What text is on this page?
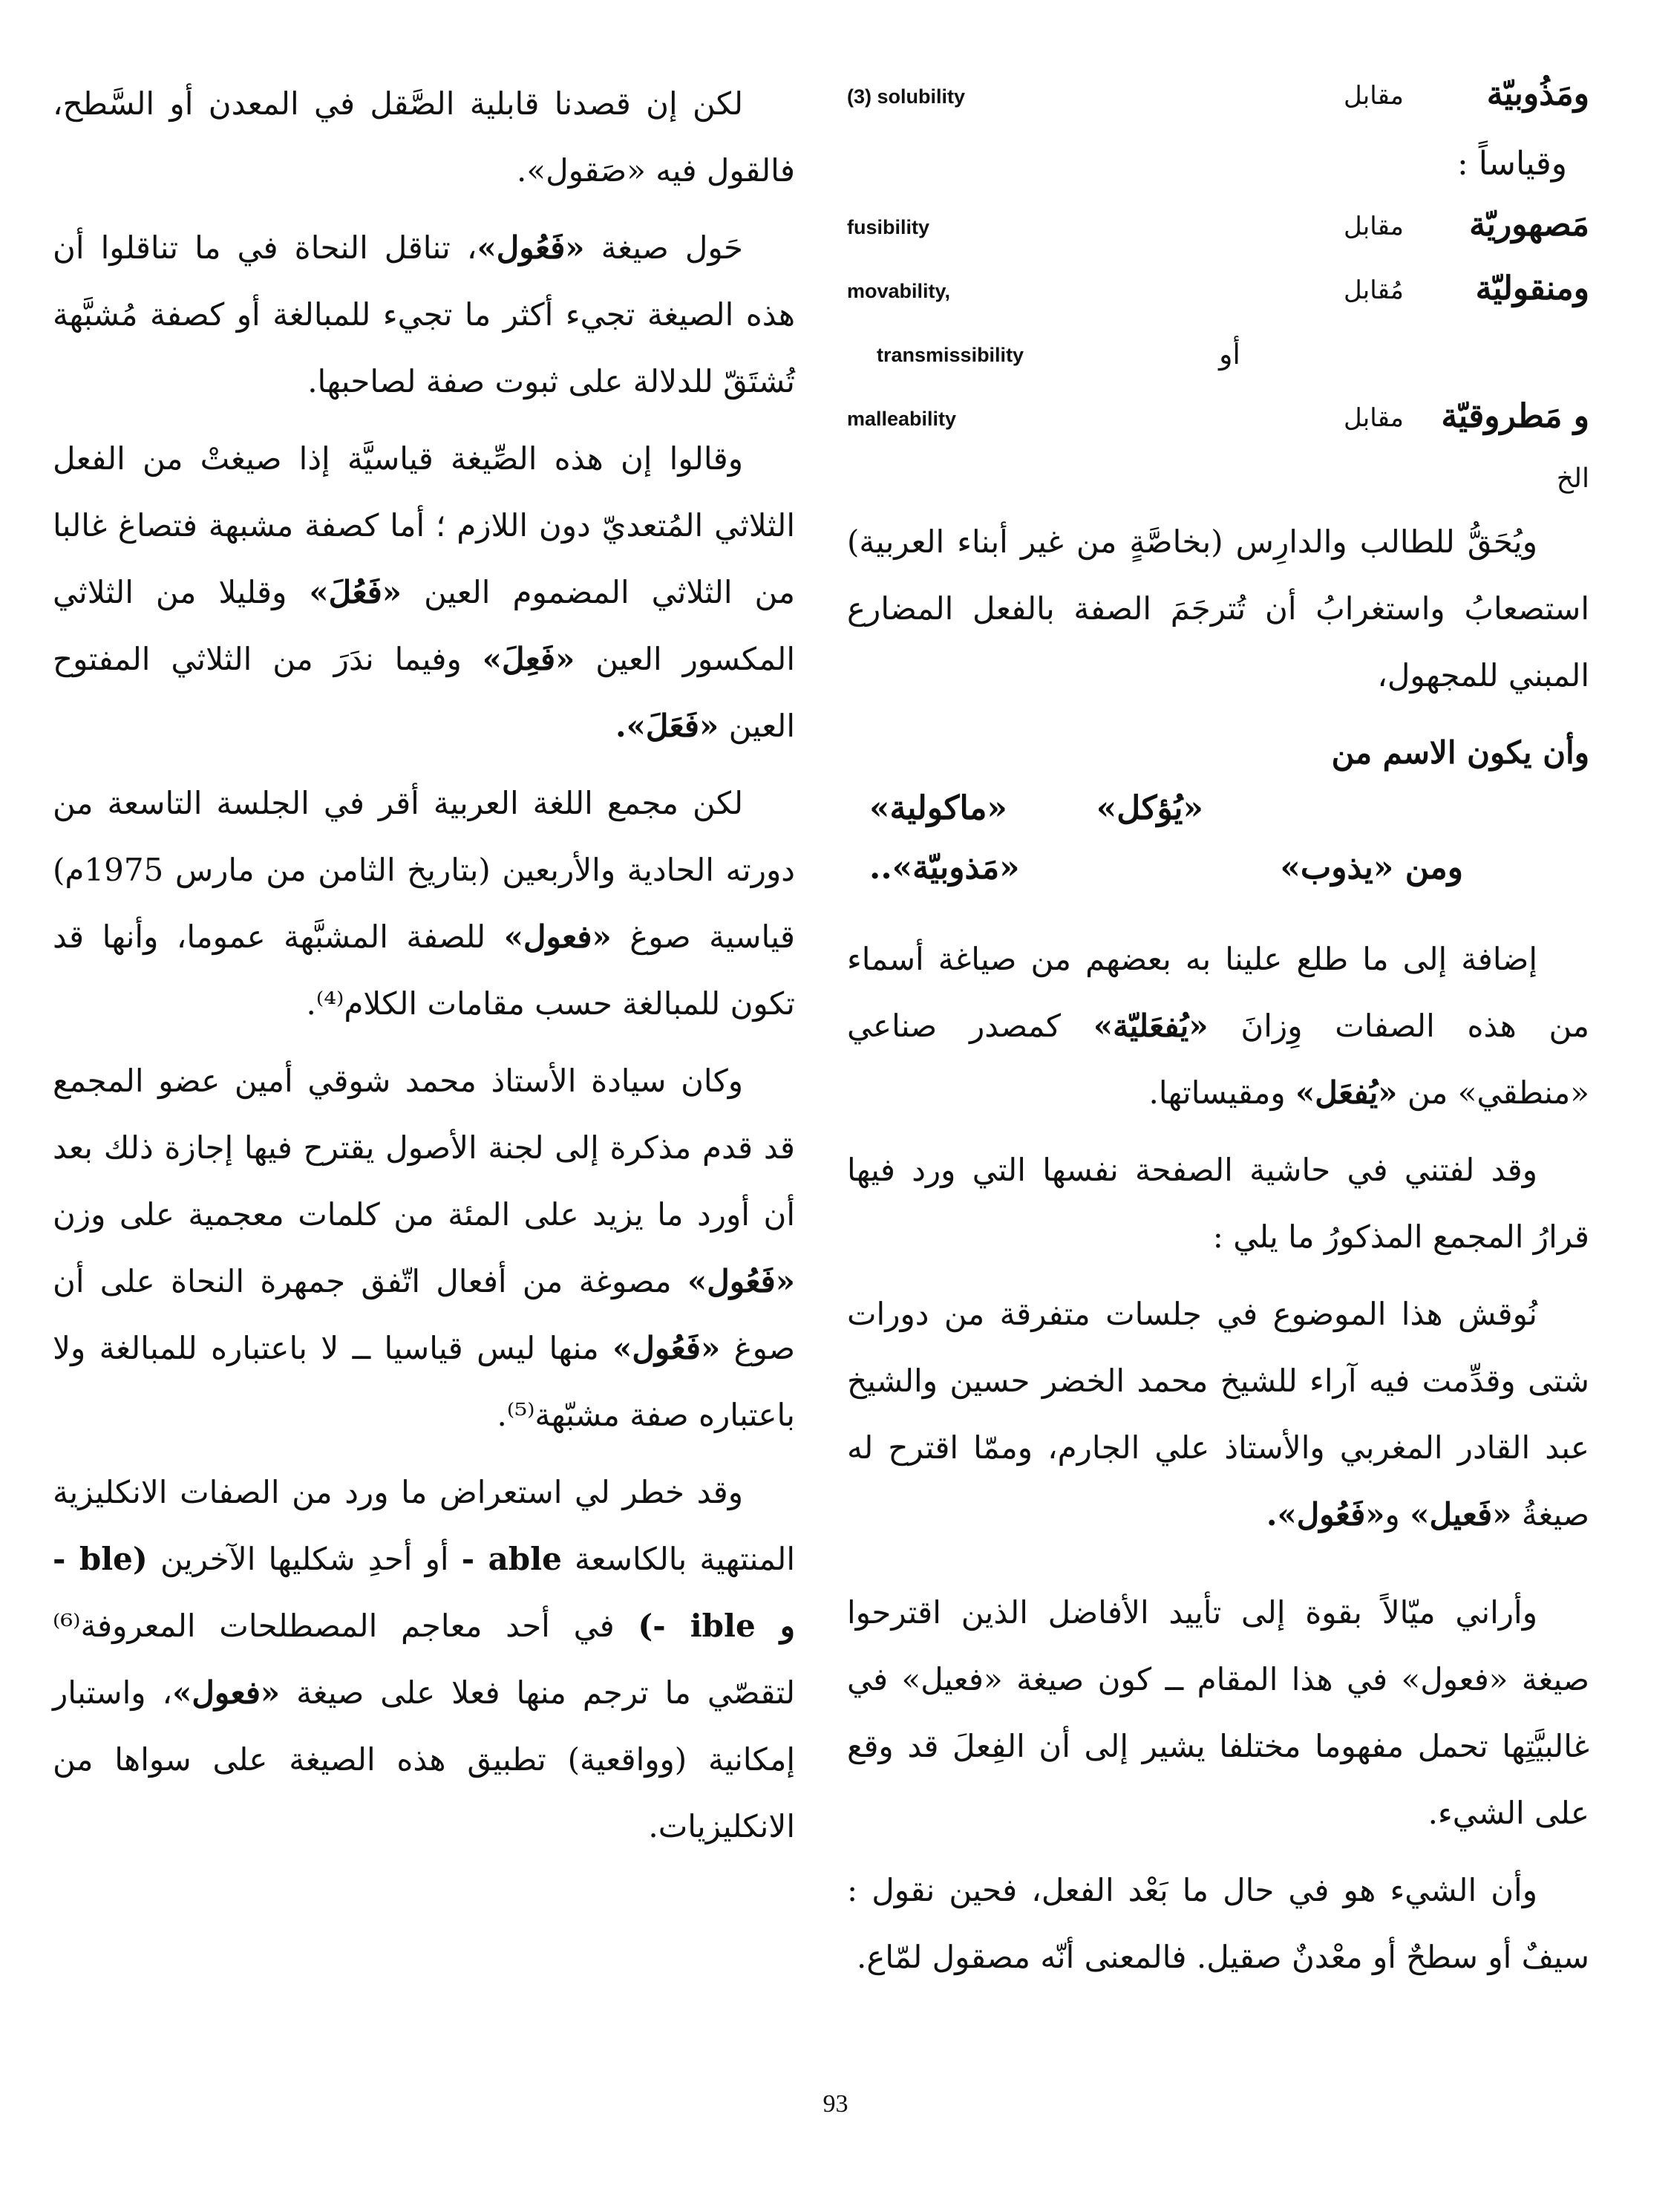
ومَذُوبيّة
مقابل
(3) solubility
وقياساً :
مَصهوريّة
مقابل
fusibility
ومنقوليّة
مُقابل
movability,
أو
transmissibility
و مَطروقيّة
مقابل
malleability
الخ

ويُحَقُّ للطالب والدارِس (بخاصَّةٍ من غير أبناء العربية) استصعابُ واستغرابُ أن تُترجَمَ الصفة بالفعل المضارع المبني للمجهول،

وأن يكون الاسم من

«ماكولية»	«يُؤكل»
ومن «يذوب»
«مَذوبيّة»..

إضافة إلى ما طلع علينا به بعضهم من صياغة أسماء من هذه الصفات وِزانَ «يُفعَليّة» كمصدر صناعي «منطقي» من «يُفعَل» ومقيساتها.

وقد لفتني في حاشية الصفحة نفسها التي ورد فيها قرارُ المجمع المذكورُ ما يلي :

نُوقش هذا الموضوع في جلسات متفرقة من دورات شتى وقدِّمت فيه آراء للشيخ محمد الخضر حسين والشيخ عبد القادر المغربي والأستاذ علي الجارم، وممّا اقترح له صيغةُ «فَعيل» و«فَعُول».

وأراني ميّالاً بقوة إلى تأييد الأفاضل الذين اقترحوا صيغة «فعول» في هذا المقام ــ كون صيغة «فعيل» في غالبيَّتِها تحمل مفهوما مختلفا يشير إلى أن الفِعلَ قد وقع على الشيء.

وأن الشيء هو في حال ما بَعْد الفعل، فحين نقول : سيفٌ أو سطحٌ أو معْدنٌ صقيل. فالمعنى أنّه مصقول لمّاع.

لكن إن قصدنا قابلية الصَّقل في المعدن أو السَّطح، فالقول فيه «صَقول».

حَول صيغة «فَعُول»، تناقل النحاة في ما تناقلوا أن هذه الصيغة تجيء أكثر ما تجيء للمبالغة أو كصفة مُشبَّهة تُشتَقّ للدلالة على ثبوت صفة لصاحبها.

وقالوا إن هذه الصِّيغة قياسيَّة إذا صيغتْ من الفعل الثلاثي المُتعديّ دون اللازم ؛ أما كصفة مشبهة فتصاغ غالبا من الثلاثي المضموم العين «فَعُلَ» وقليلا من الثلاثي المكسور العين «فَعِلَ» وفيما ندَرَ من الثلاثي المفتوح العين «فَعَلَ».

لكن مجمع اللغة العربية أقر في الجلسة التاسعة من دورته الحادية والأربعين (بتاريخ الثامن من مارس 1975م) قياسية صوغ «فعول» للصفة المشبَّهة عموما، وأنها قد تكون للمبالغة حسب مقامات الكلام⁽⁴⁾.

وكان سيادة الأستاذ محمد شوقي أمين عضو المجمع قد قدم مذكرة إلى لجنة الأصول يقترح فيها إجازة ذلك بعد أن أورد ما يزيد على المئة من كلمات معجمية على وزن «فَعُول» مصوغة من أفعال اتّفق جمهرة النحاة على أن صوغ «فَعُول» منها ليس قياسيا ــ لا باعتباره للمبالغة ولا باعتباره صفة مشبّهة⁽⁵⁾.

وقد خطر لي استعراض ما ورد من الصفات الانكليزية المنتهية بالكاسعة able - أو أحدِ شكليها الآخرين (ble - و ible -) في أحد معاجم المصطلحات المعروفة⁽⁶⁾ لتقصّي ما ترجم منها فعلا على صيغة «فعول»، واستبار إمكانية (وواقعية) تطبيق هذه الصيغة على سواها من الانكليزيات.

93
